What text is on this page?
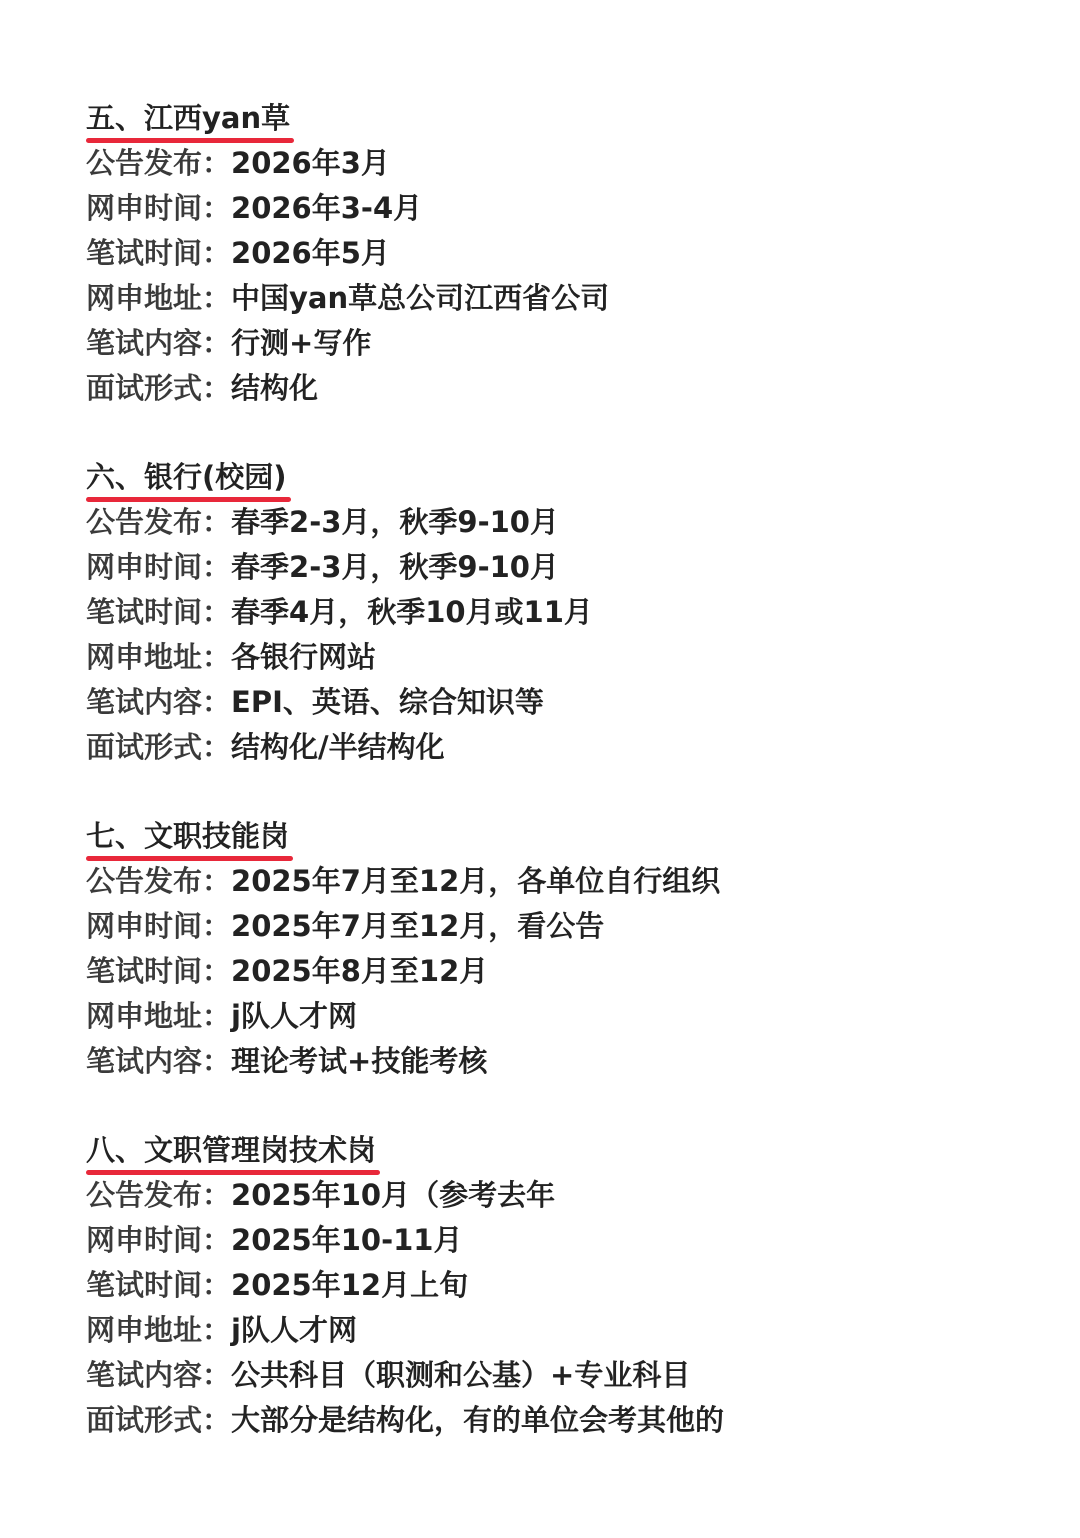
五、江西yan草
公告发布：2026年3月
网申时间：2026年3-4月
笔试时间：2026年5月
网申地址：中国yan草总公司江西省公司
笔试内容：行测+写作
面试形式：结构化
六、银行(校园)
公告发布：春季2-3月，秋季9-10月
网申时间：春季2-3月，秋季9-10月
笔试时间：春季4月，秋季10月或11月
网申地址：各银行网站
笔试内容：EPI、英语、综合知识等
面试形式：结构化/半结构化
七、文职技能岗
公告发布：2025年7月至12月，各单位自行组织
网申时间：2025年7月至12月，看公告
笔试时间：2025年8月至12月
网申地址：j队人才网
笔试内容：理论考试+技能考核
八、文职管理岗技术岗
公告发布：2025年10月（参考去年
网申时间：2025年10-11月
笔试时间：2025年12月上旬
网申地址：j队人才网
笔试内容：公共科目（职测和公基）+专业科目
面试形式：大部分是结构化，有的单位会考其他的
